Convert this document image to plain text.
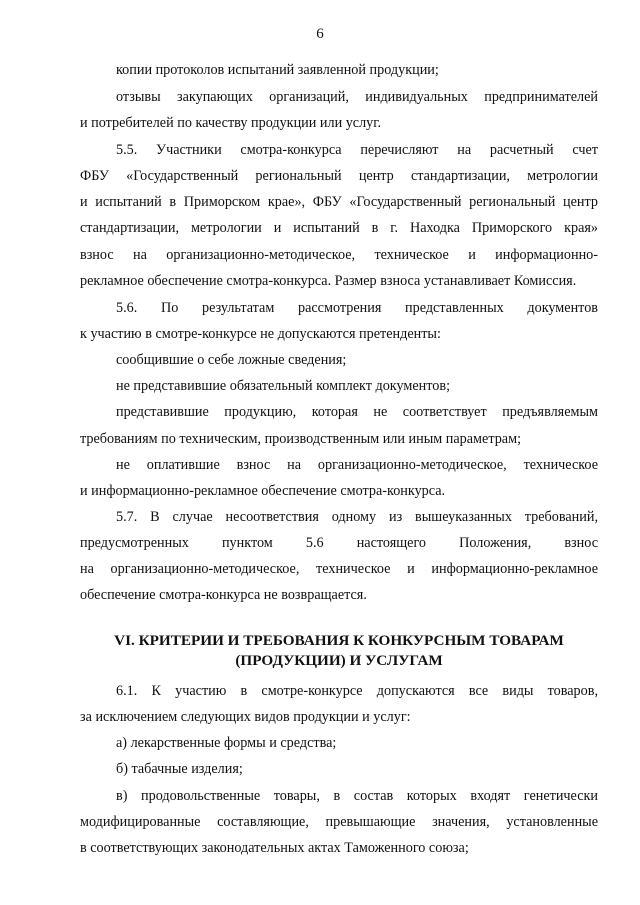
6
копии протоколов испытаний заявленной продукции;
отзывы закупающих организаций, индивидуальных предпринимателей
и потребителей по качеству продукции или услуг.
5.5. Участники смотра-конкурса перечисляют на расчетный счет
ФБУ «Государственный региональный центр стандартизации, метрологии
и испытаний в Приморском крае», ФБУ «Государственный региональный центр
стандартизации, метрологии и испытаний в г. Находка Приморского края»
взнос на организационно-методическое, техническое и информационно-
рекламное обеспечение смотра-конкурса. Размер взноса устанавливает Комиссия.
5.6. По результатам рассмотрения представленных документов
к участию в смотре-конкурсе не допускаются претенденты:
сообщившие о себе ложные сведения;
не представившие обязательный комплект документов;
представившие продукцию, которая не соответствует предъявляемым
требованиям по техническим, производственным или иным параметрам;
не оплатившие взнос на организационно-методическое, техническое
и информационно-рекламное обеспечение смотра-конкурса.
5.7. В случае несоответствия одному из вышеуказанных требований,
предусмотренных пунктом 5.6 настоящего Положения, взнос
на организационно-методическое, техническое и информационно-рекламное
обеспечение смотра-конкурса не возвращается.
VI. КРИТЕРИИ И ТРЕБОВАНИЯ К КОНКУРСНЫМ ТОВАРАМ
(ПРОДУКЦИИ) И УСЛУГАМ
6.1. К участию в смотре-конкурсе допускаются все виды товаров,
за исключением следующих видов продукции и услуг:
а) лекарственные формы и средства;
б) табачные изделия;
в) продовольственные товары, в состав которых входят генетически
модифицированные составляющие, превышающие значения, установленные
в соответствующих законодательных актах Таможенного союза;
